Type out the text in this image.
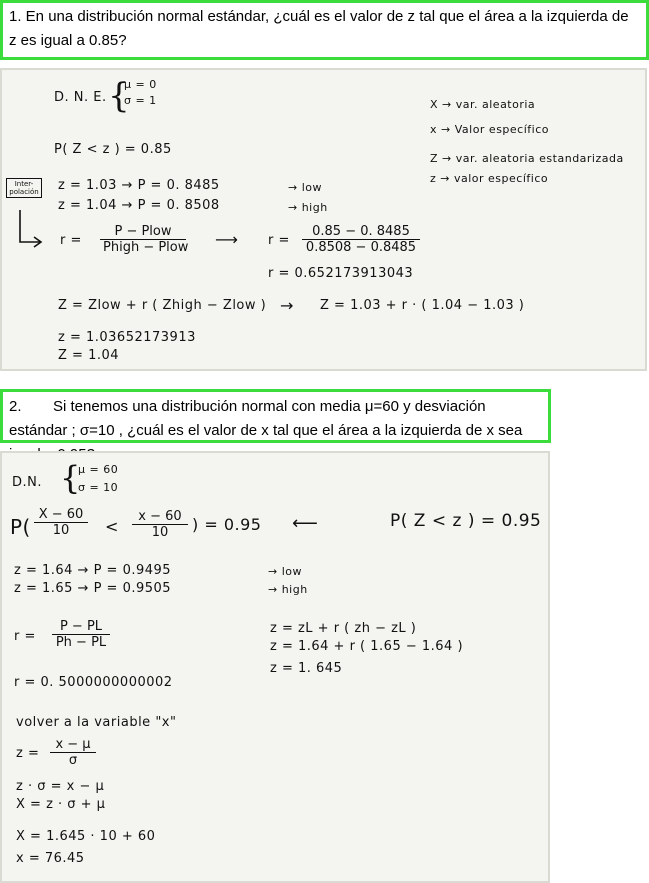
1. En una distribución normal estándar, ¿cuál es el valor de z tal que el área a la izquierda de z es igual a 0.85?
D. N. E. {
μ = 0
σ = 1	X → var. aleatoria
x → Valor específico
Z → var. aleatoria estandarizada
z → valor específico
P( Z < z ) = 0.85
Inter- polación z = 1.03 → P = 0. 8485	→ low
z = 1.04 → P = 0. 8508	→ high
r =
P − Plow
Phigh − Plow ⟶ $r = \frac{0.85 - 0. 8485}{0.8508 - 0.8485}$
r = 0.652173913043
Z = Zlow + r ( Zhigh − Zlow ) → Z = 1.03 + r · ( 1.04 − 1.03 )
z = 1.03652173913
Z = 1.04
2. Si tenemos una distribución normal con media μ=60 y desviación estándar ; σ=10 , ¿cuál es el valor de x tal que el área a la izquierda de x sea
D.N. {
μ = 60
σ = 10
$P( \frac{X - 60}{10} < \frac{x - 60}{10}$ ) = 0.95 ⟵	P( Z < z ) = 0.95
z = 1.64 → P = 0.9495	→ low
z = 1.65 → P = 0.9505	→ high
$r = \frac{P - PL}{Ph - PL}$
r = 0. 5000000000002
z = zL + r ( zh − zL )
z = 1.64 + r ( 1.65 − 1.64 )
z = 1. 645
volver a la variable "x"
$z = \frac{x - \mu}{\sigma}$
z · σ = x − μ
X = z · σ + μ
X = 1.645 · 10 + 60
x = 76.45
